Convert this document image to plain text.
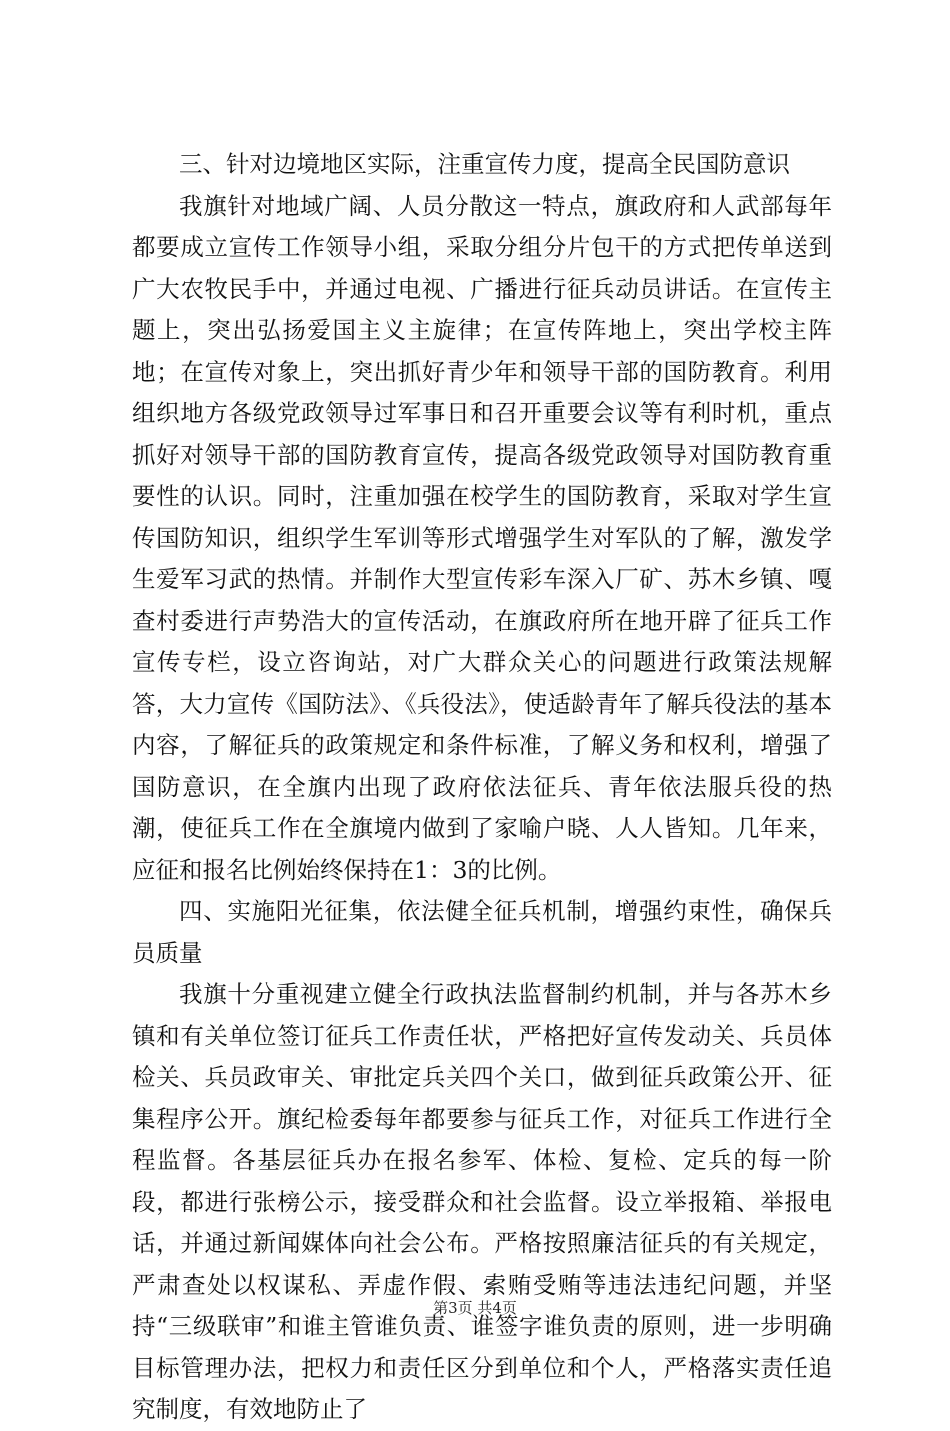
三、针对边境地区实际，注重宣传力度，提高全民国防意识

我旗针对地域广阔、人员分散这一特点，旗政府和人武部每年都要成立宣传工作领导小组，采取分组分片包干的方式把传单送到广大农牧民手中，并通过电视、广播进行征兵动员讲话。在宣传主题上，突出弘扬爱国主义主旋律；在宣传阵地上，突出学校主阵地；在宣传对象上，突出抓好青少年和领导干部的国防教育。利用组织地方各级党政领导过军事日和召开重要会议等有利时机，重点抓好对领导干部的国防教育宣传，提高各级党政领导对国防教育重要性的认识。同时，注重加强在校学生的国防教育，采取对学生宣传国防知识，组织学生军训等形式增强学生对军队的了解，激发学生爱军习武的热情。并制作大型宣传彩车深入厂矿、苏木乡镇、嘎查村委进行声势浩大的宣传活动，在旗政府所在地开辟了征兵工作宣传专栏，设立咨询站，对广大群众关心的问题进行政策法规解答，大力宣传《国防法》、《兵役法》，使适龄青年了解兵役法的基本内容，了解征兵的政策规定和条件标准，了解义务和权利，增强了国防意识，在全旗内出现了政府依法征兵、青年依法服兵役的热潮，使征兵工作在全旗境内做到了家喻户晓、人人皆知。几年来，应征和报名比例始终保持在1：3的比例。

四、实施阳光征集，依法健全征兵机制，增强约束性，确保兵员质量

我旗十分重视建立健全行政执法监督制约机制，并与各苏木乡镇和有关单位签订征兵工作责任状，严格把好宣传发动关、兵员体检关、兵员政审关、审批定兵关四个关口，做到征兵政策公开、征集程序公开。旗纪检委每年都要参与征兵工作，对征兵工作进行全程监督。各基层征兵办在报名参军、体检、复检、定兵的每一阶段，都进行张榜公示，接受群众和社会监督。设立举报箱、举报电话，并通过新闻媒体向社会公布。严格按照廉洁征兵的有关规定，严肃查处以权谋私、弄虚作假、索贿受贿等违法违纪问题，并坚持“三级联审”和谁主管谁负责、谁签字谁负责的原则，进一步明确目标管理办法，把权力和责任区分到单位和个人，严格落实责任追究制度，有效地防止了

第3页 共4页
